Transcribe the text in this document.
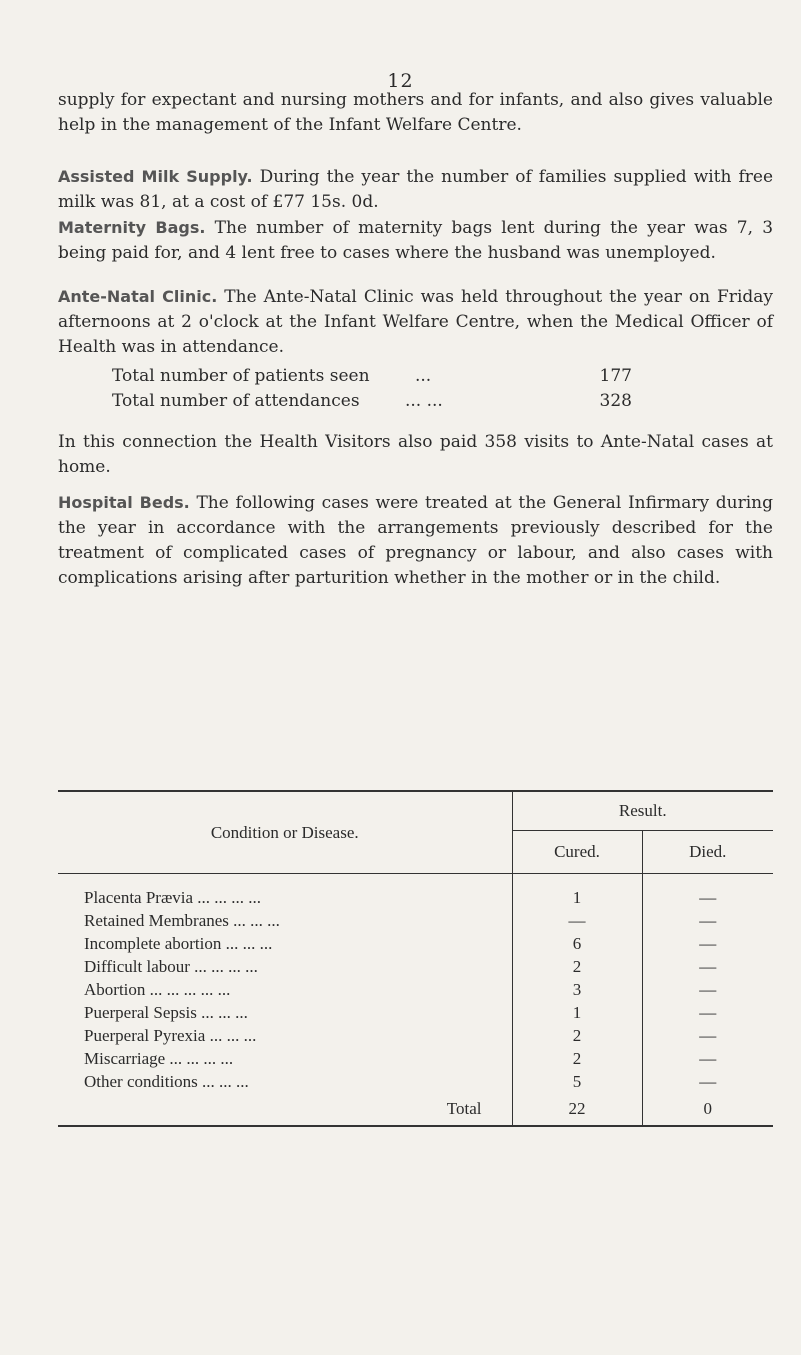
12
supply for expectant and nursing mothers and for infants, and also gives valuable help in the management of the Infant Welfare Centre.
Assisted Milk Supply. During the year the number of families supplied with free milk was 81, at a cost of £77 15s. 0d.
Maternity Bags. The number of maternity bags lent during the year was 7, 3 being paid for, and 4 lent free to cases where the husband was unemployed.
Ante-Natal Clinic. The Ante-Natal Clinic was held throughout the year on Friday afternoons at 2 o'clock at the Infant Welfare Centre, when the Medical Officer of Health was in attendance.
Total number of patients seen	...	177
Total number of attendances	... ...	328
In this connection the Health Visitors also paid 358 visits to Ante-Natal cases at home.
Hospital Beds. The following cases were treated at the General Infirmary during the year in accordance with the arrangements previously described for the treatment of complicated cases of pregnancy or labour, and also cases with complications arising after parturition whether in the mother or in the child.
Condition or Disease.	Result.	
	Cured.	Died.
Placenta Prævia ... ... ... ...	1	—
Retained Membranes ... ... ...	—	—
Incomplete abortion ... ... ...	6	—
Difficult labour ... ... ... ...	2	—
Abortion ... ... ... ... ...	3	—
Puerperal Sepsis ... ... ...	1	—
Puerperal Pyrexia ... ... ...	2	—
Miscarriage ... ... ... ...	2	—
Other conditions ... ... ...	5	—
Total	22	0
